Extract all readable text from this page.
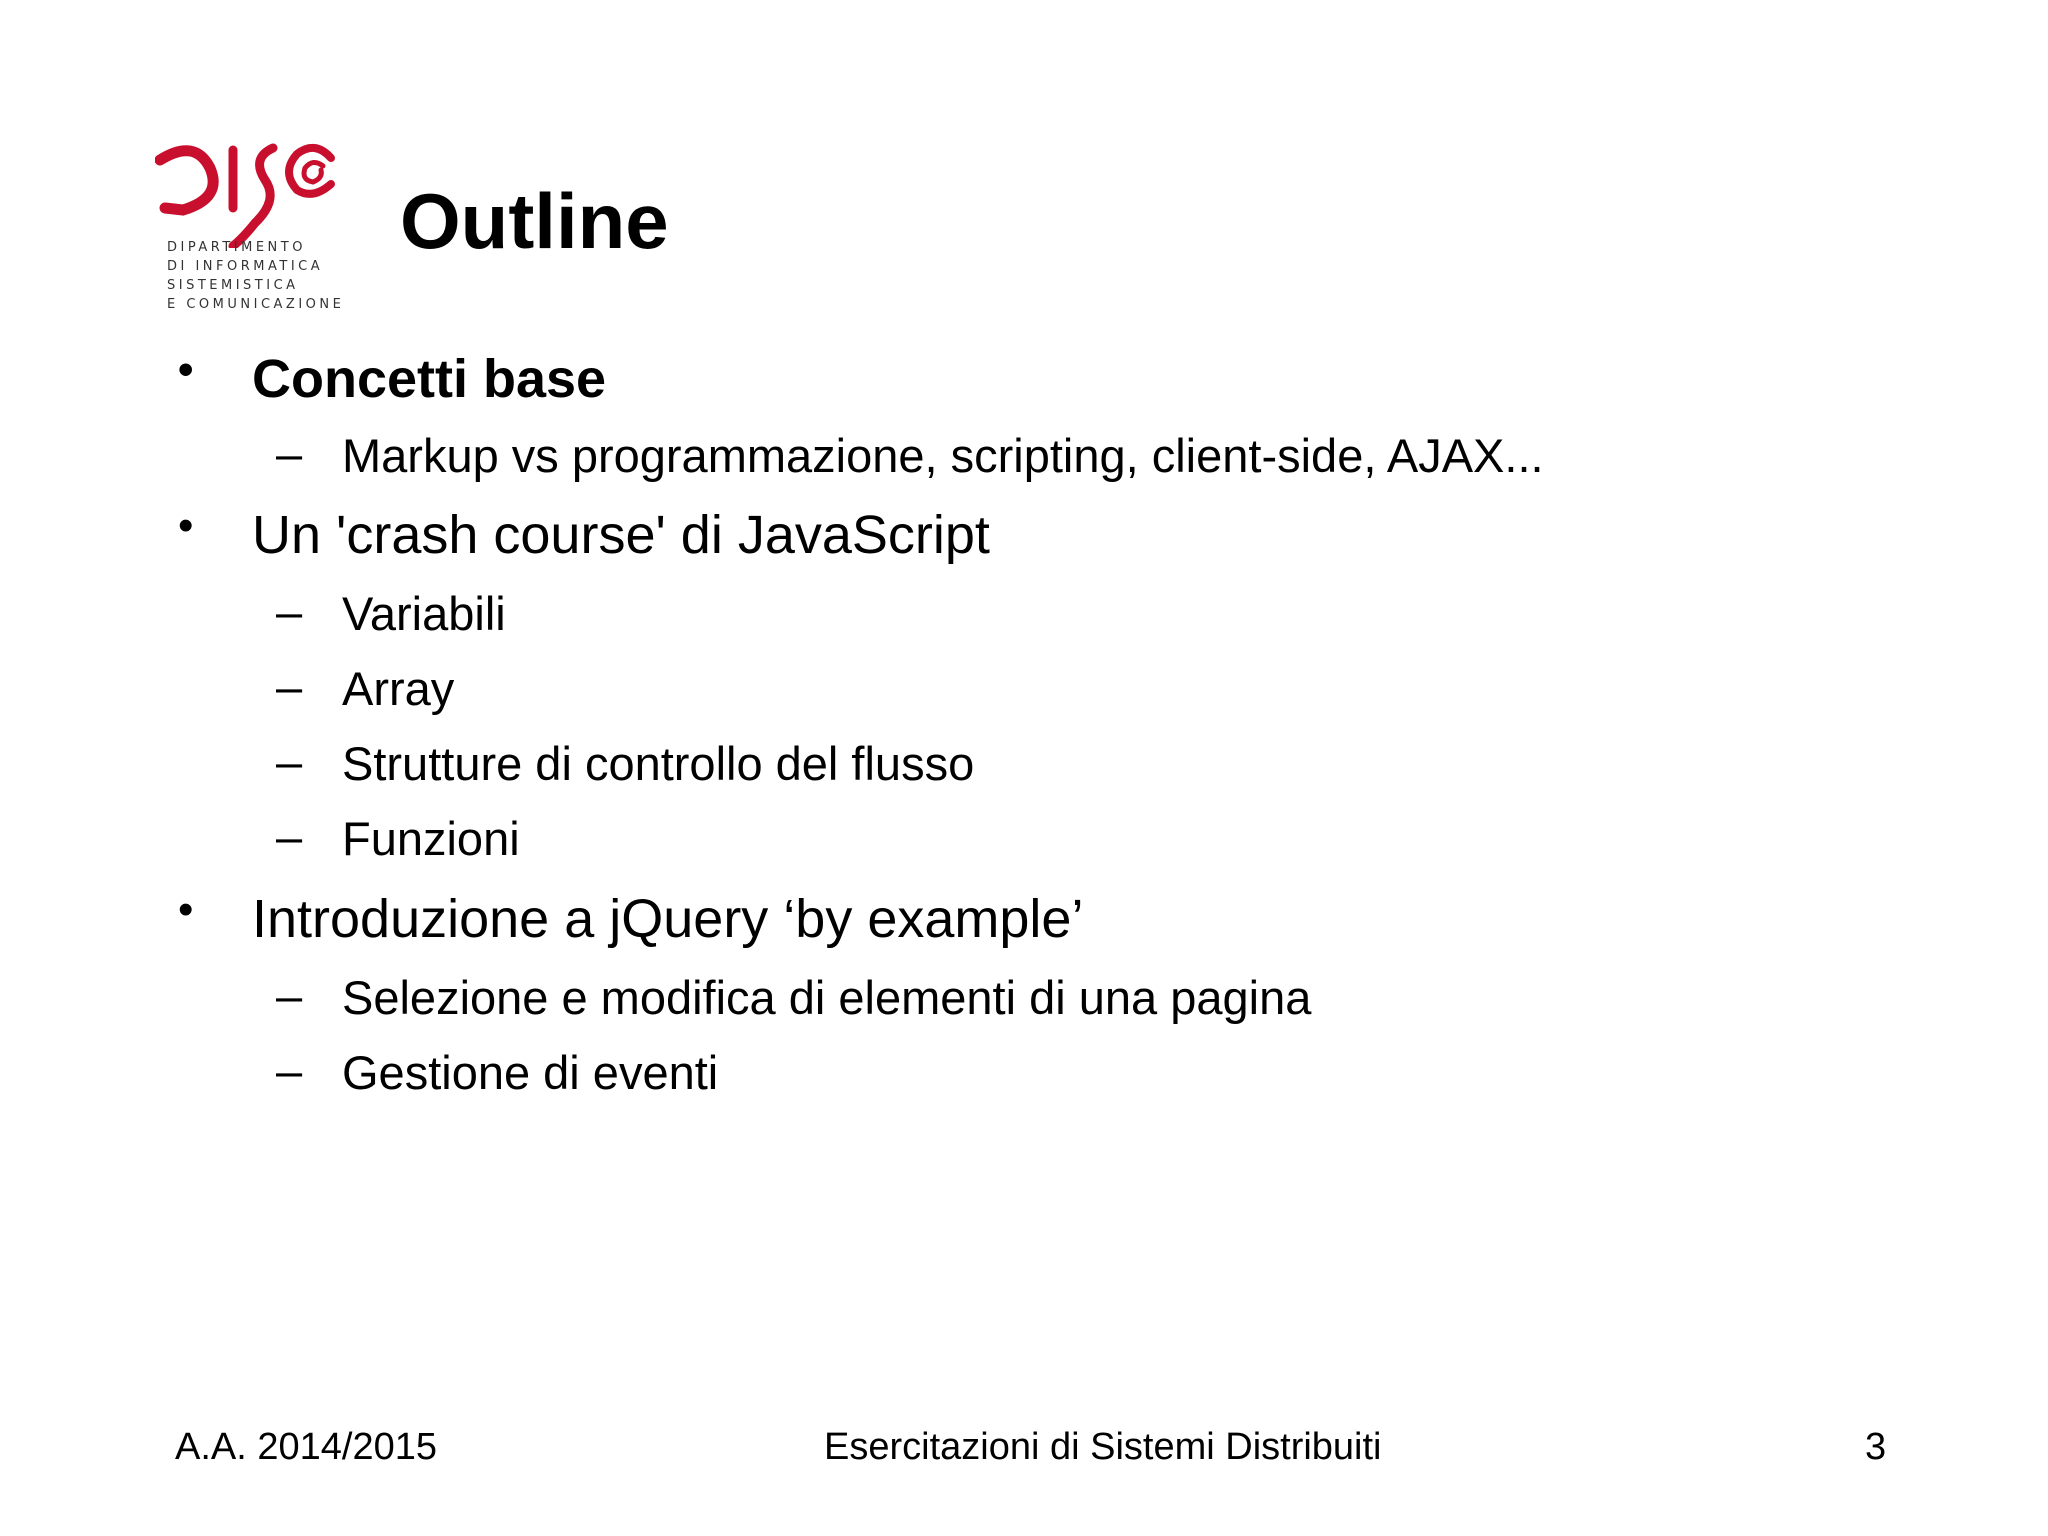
DIPARTIMENTO
DI INFORMATICA
SISTEMISTICA
E COMUNICAZIONE
Outline
• Concetti base
– Markup vs programmazione, scripting, client-side, AJAX...
• Un 'crash course' di JavaScript
– Variabili
– Array
– Strutture di controllo del flusso
– Funzioni
• Introduzione a jQuery ‘by example’
– Selezione e modifica di elementi di una pagina
– Gestione di eventi
A.A. 2014/2015	Esercitazioni di Sistemi Distribuiti	3
